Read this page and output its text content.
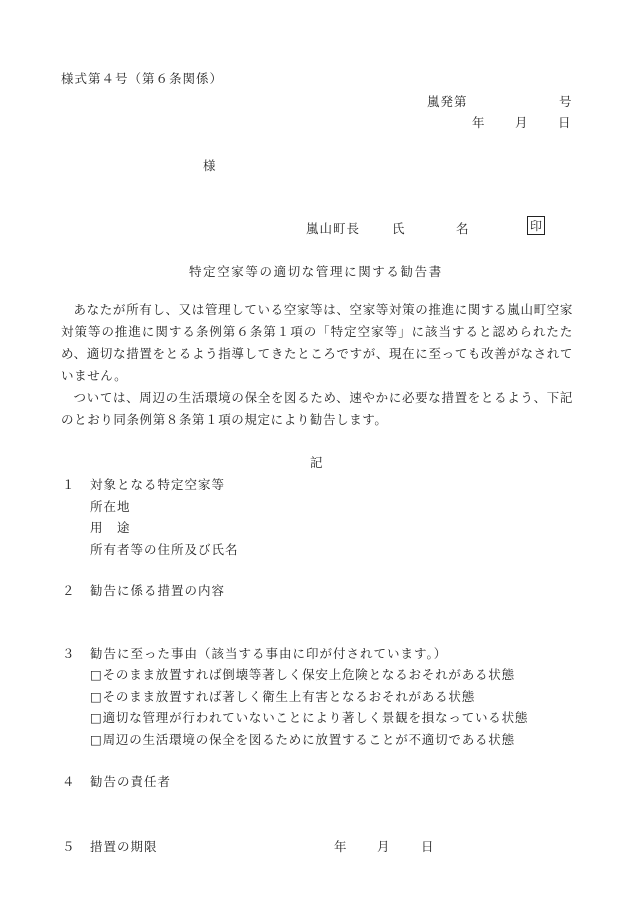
様式第４号（第６条関係）
嵐発第	号
年 月 日
様
嵐山町長	氏	名	印
特定空家等の適切な管理に関する勧告書

あなたが所有し、又は管理している空家等は、空家等対策の推進に関する嵐山町空家対策等の推進に関する条例第６条第１項の「特定空家等」に該当すると認められたため、適切な措置をとるよう指導してきたところですが、現在に至っても改善がなされていません。

ついては、周辺の生活環境の保全を図るため、速やかに必要な措置をとるよう、下記のとおり同条例第８条第１項の規定により勧告します。

記
１ 対象となる特定空家等
所在地
用　途
所有者等の住所及び氏名
２ 勧告に係る措置の内容
３ 勧告に至った事由（該当する事由に印が付されています。）
□そのまま放置すれば倒壊等著しく保安上危険となるおそれがある状態
□そのまま放置すれば著しく衛生上有害となるおそれがある状態
□適切な管理が行われていないことにより著しく景観を損なっている状態
□周辺の生活環境の保全を図るために放置することが不適切である状態
４ 勧告の責任者
５ 措置の期限	年 月	日
